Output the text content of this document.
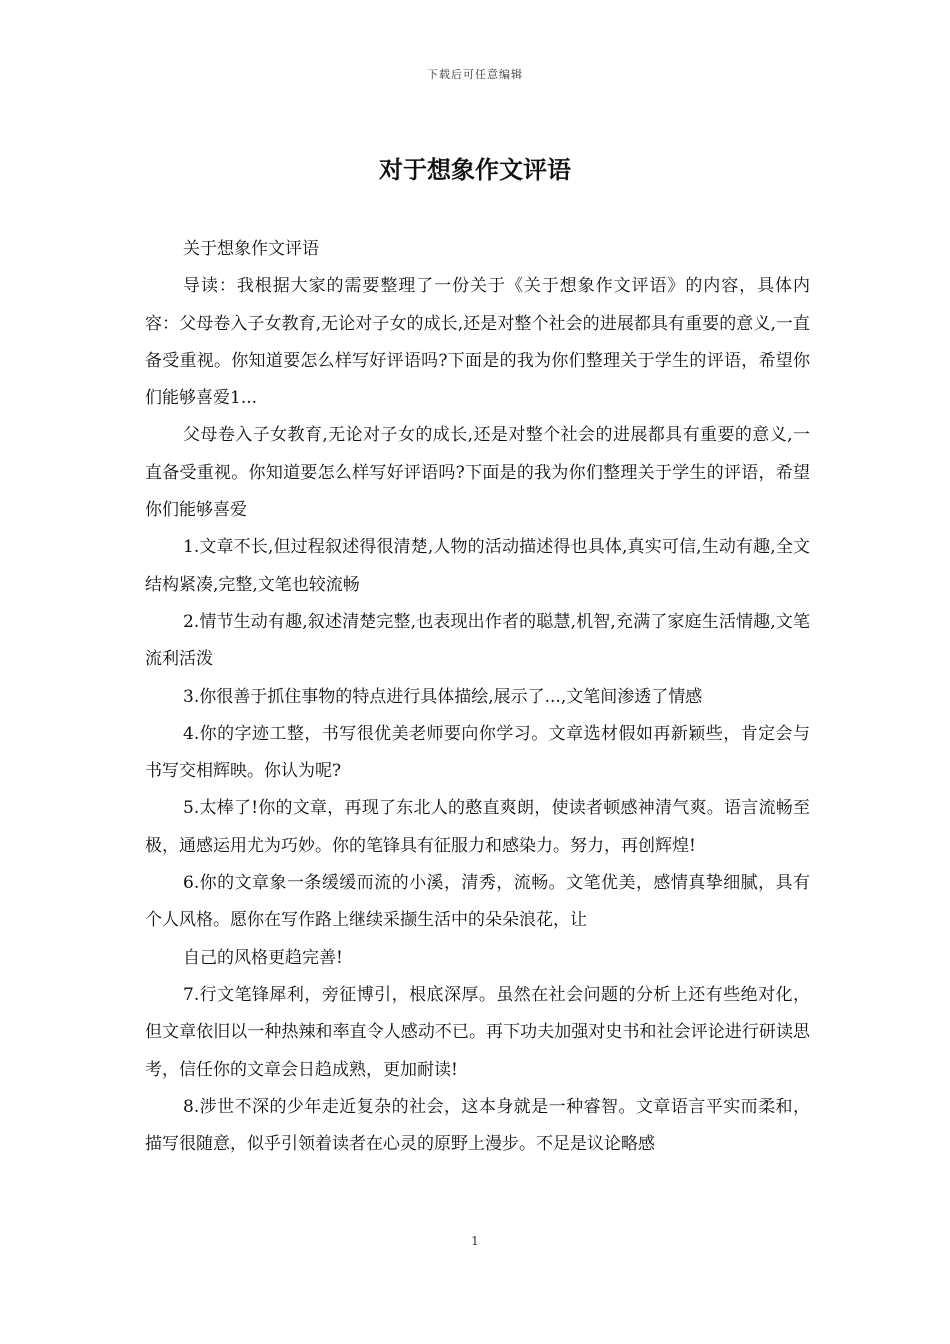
下载后可任意编辑
对于想象作文评语

关于想象作文评语

导读：我根据大家的需要整理了一份关于《关于想象作文评语》的内容，具体内容：父母卷入子女教育,无论对子女的成长,还是对整个社会的进展都具有重要的意义,一直备受重视。你知道要怎么样写好评语吗?下面是的我为你们整理关于学生的评语，希望你们能够喜爱1...

父母卷入子女教育,无论对子女的成长,还是对整个社会的进展都具有重要的意义,一直备受重视。你知道要怎么样写好评语吗?下面是的我为你们整理关于学生的评语，希望你们能够喜爱

1.文章不长,但过程叙述得很清楚,人物的活动描述得也具体,真实可信,生动有趣,全文结构紧凑,完整,文笔也较流畅

2.情节生动有趣,叙述清楚完整,也表现出作者的聪慧,机智,充满了家庭生活情趣,文笔流利活泼

3.你很善于抓住事物的特点进行具体描绘,展示了...,文笔间渗透了情感

4.你的字迹工整，书写很优美老师要向你学习。文章选材假如再新颖些，肯定会与书写交相辉映。你认为呢?

5.太棒了!你的文章，再现了东北人的憨直爽朗，使读者顿感神清气爽。语言流畅至极，通感运用尤为巧妙。你的笔锋具有征服力和感染力。努力，再创辉煌!

6.你的文章象一条缓缓而流的小溪，清秀，流畅。文笔优美，感情真挚细腻，具有个人风格。愿你在写作路上继续采撷生活中的朵朵浪花，让

自己的风格更趋完善!

7.行文笔锋犀利，旁征博引，根底深厚。虽然在社会问题的分析上还有些绝对化，但文章依旧以一种热辣和率直令人感动不已。再下功夫加强对史书和社会评论进行研读思考，信任你的文章会日趋成熟，更加耐读!

8.涉世不深的少年走近复杂的社会，这本身就是一种睿智。文章语言平实而柔和，描写很随意，似乎引领着读者在心灵的原野上漫步。不足是议论略感

1
